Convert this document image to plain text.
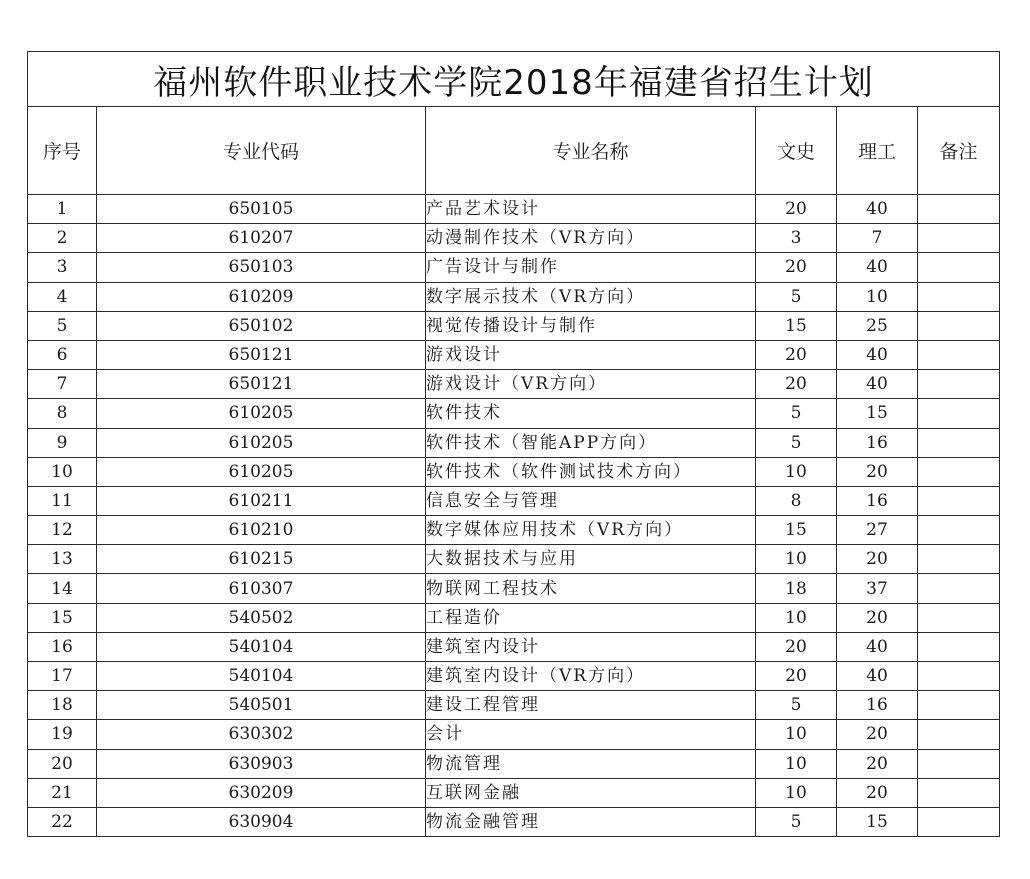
福州软件职业技术学院2018年福建省招生计划					
序号	专业代码	专业名称	文史	理工	备注
1	650105	产品艺术设计	20	40	
2	610207	动漫制作技术（VR方向）	3	7	
3	650103	广告设计与制作	20	40	
4	610209	数字展示技术（VR方向）	5	10	
5	650102	视觉传播设计与制作	15	25	
6	650121	游戏设计	20	40	
7	650121	游戏设计（VR方向）	20	40	
8	610205	软件技术	5	15	
9	610205	软件技术（智能APP方向）	5	16	
10	610205	软件技术（软件测试技术方向）	10	20	
11	610211	信息安全与管理	8	16	
12	610210	数字媒体应用技术（VR方向）	15	27	
13	610215	大数据技术与应用	10	20	
14	610307	物联网工程技术	18	37	
15	540502	工程造价	10	20	
16	540104	建筑室内设计	20	40	
17	540104	建筑室内设计（VR方向）	20	40	
18	540501	建设工程管理	5	16	
19	630302	会计	10	20	
20	630903	物流管理	10	20	
21	630209	互联网金融	10	20	
22	630904	物流金融管理	5	15	
